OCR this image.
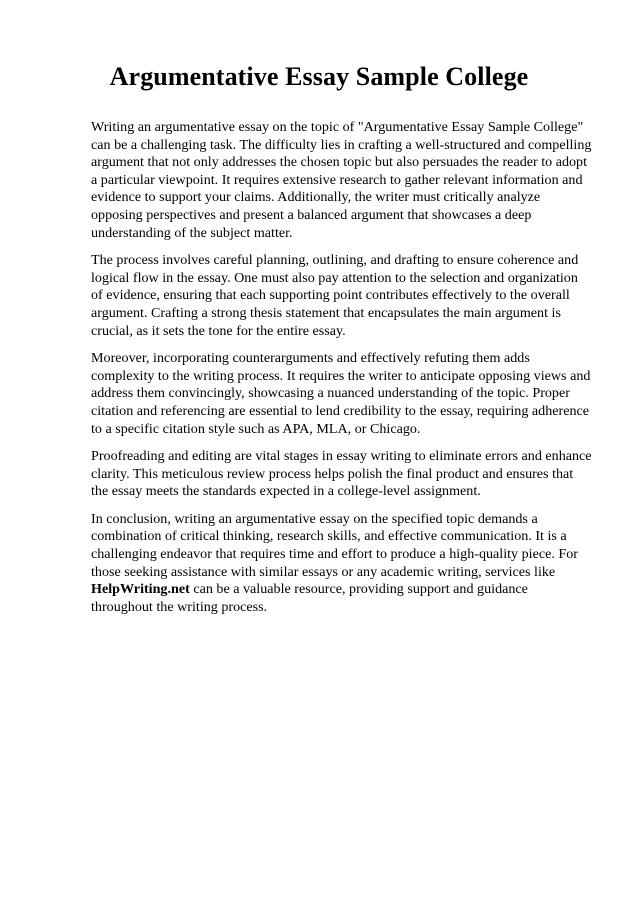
Argumentative Essay Sample College

Writing an argumentative essay on the topic of "Argumentative Essay Sample College" can be a challenging task. The difficulty lies in crafting a well-structured and compelling argument that not only addresses the chosen topic but also persuades the reader to adopt a particular viewpoint. It requires extensive research to gather relevant information and evidence to support your claims. Additionally, the writer must critically analyze opposing perspectives and present a balanced argument that showcases a deep understanding of the subject matter.

The process involves careful planning, outlining, and drafting to ensure coherence and logical flow in the essay. One must also pay attention to the selection and organization of evidence, ensuring that each supporting point contributes effectively to the overall argument. Crafting a strong thesis statement that encapsulates the main argument is crucial, as it sets the tone for the entire essay.

Moreover, incorporating counterarguments and effectively refuting them adds complexity to the writing process. It requires the writer to anticipate opposing views and address them convincingly, showcasing a nuanced understanding of the topic. Proper citation and referencing are essential to lend credibility to the essay, requiring adherence to a specific citation style such as APA, MLA, or Chicago.

Proofreading and editing are vital stages in essay writing to eliminate errors and enhance clarity. This meticulous review process helps polish the final product and ensures that the essay meets the standards expected in a college-level assignment.

In conclusion, writing an argumentative essay on the specified topic demands a combination of critical thinking, research skills, and effective communication. It is a challenging endeavor that requires time and effort to produce a high-quality piece. For those seeking assistance with similar essays or any academic writing, services like HelpWriting.net can be a valuable resource, providing support and guidance throughout the writing process.
